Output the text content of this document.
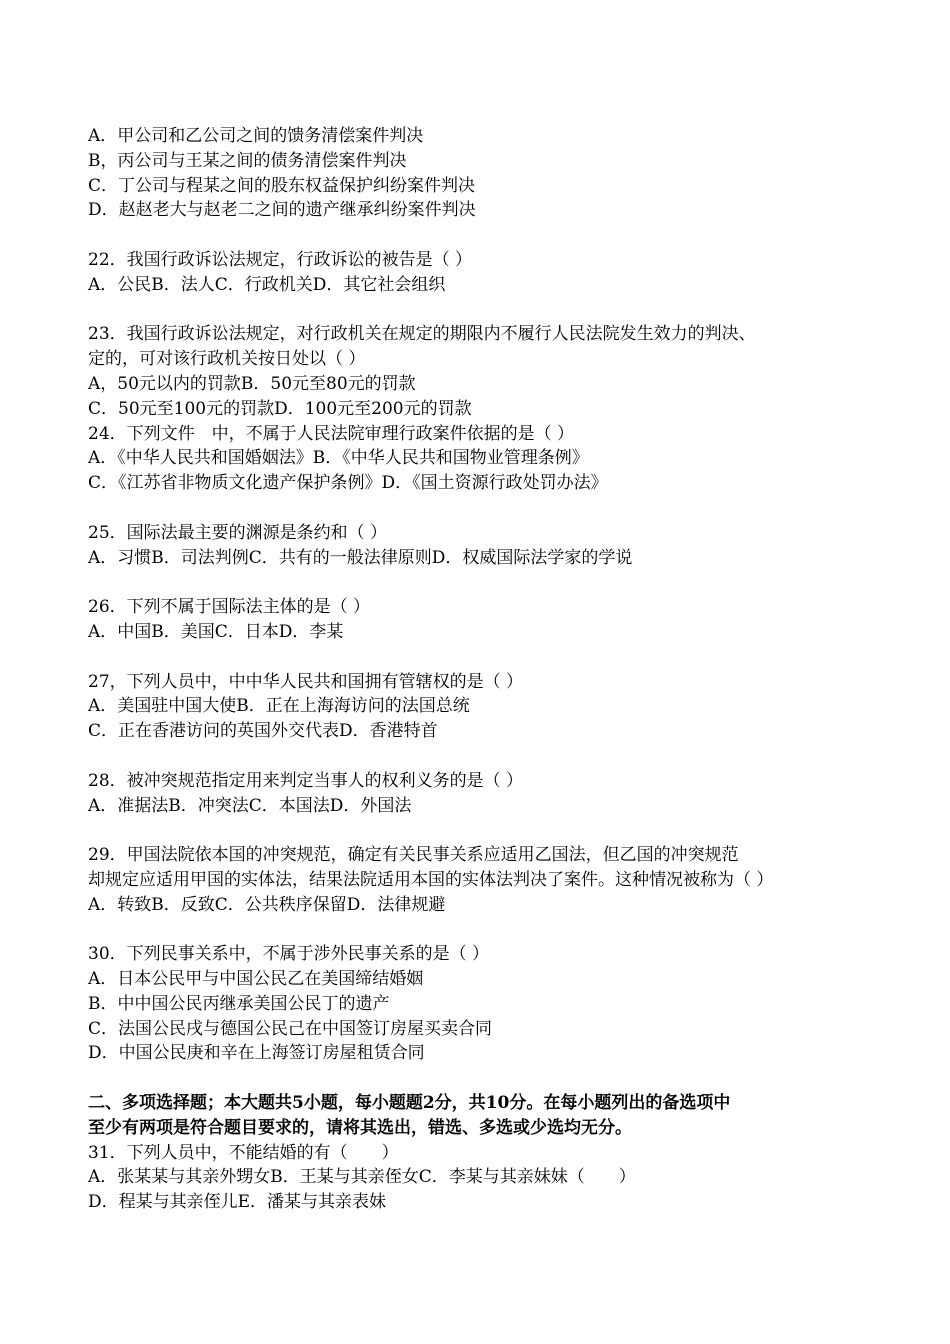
A．甲公司和乙公司之间的馈务清偿案件判决
B，丙公司与王某之间的债务清偿案件判决
C．丁公司与程某之间的股东权益保护纠纷案件判决
D．赵赵老大与赵老二之间的遗产继承纠纷案件判决
22．我国行政诉讼法规定，行政诉讼的被告是（ ）
A．公民B．法人C．行政机关D．其它社会组织
23．我国行政诉讼法规定，对行政机关在规定的期限内不履行人民法院发生效力的判决、
定的，可对该行政机关按日处以（ ）
A，50元以内的罚款B．50元至80元的罚款
C．50元至100元的罚款D．100元至200元的罚款
24．下列文件　中，不属于人民法院审理行政案件依据的是（ ）
A．《中华人民共和国婚姻法》B．《中华人民共和国物业管理条例》
C．《江苏省非物质文化遗产保护条例》D．《国土资源行政处罚办法》
25．国际法最主要的渊源是条约和（ ）
A．习惯B．司法判例C．共有的一般法律原则D．权威国际法学家的学说
26．下列不属于国际法主体的是（ ）
A．中国B．美国C．日本D．李某
27，下列人员中，中中华人民共和国拥有管辖权的是（ ）
A．美国驻中国大使B．正在上海海访问的法国总统
C．正在香港访问的英国外交代表D．香港特首
28．被冲突规范指定用来判定当事人的权利义务的是（ ）
A．准据法B．冲突法C．本国法D．外国法
29．甲国法院依本国的冲突规范，确定有关民事关系应适用乙国法，但乙国的冲突规范
却规定应适用甲国的实体法，结果法院适用本国的实体法判决了案件。这种情况被称为（ ）
A．转致B．反致C．公共秩序保留D．法律规避
30．下列民事关系中，不属于涉外民事关系的是（ ）
A．日本公民甲与中国公民乙在美国缔结婚姻
B．中中国公民丙继承美国公民丁的遗产
C．法国公民戌与德国公民己在中国签订房屋买卖合同
D．中国公民庚和辛在上海签订房屋租赁合同
二、多项选择题；本大题共5小题，每小题题2分，共10分。在每小题列出的备选项中
至少有两项是符合题目要求的，请将其选出，错选、多选或少选均无分。
31．下列人员中，不能结婚的有（　　）
A．张某某与其亲外甥女B．王某与其亲侄女C．李某与其亲妹妹（　　）
D．程某与其亲侄儿E．潘某与其亲表妹
